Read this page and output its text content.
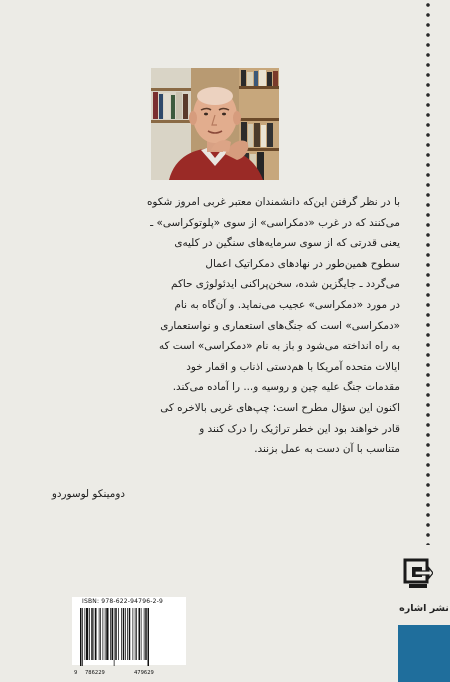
با در نظر گرفتن این‌که دانشمندان معتبر غربی امروز شکوه
می‌کنند که در غرب «دمکراسی» از سوی «پلوتوکراسی» ـ
یعنی قدرتی که از سوی سرمایه‌های سنگین در کلیه‌ی
سطوح همین‌طور در نهادهای دمکراتیک اعمال
می‌گردد ـ جایگزین شده، سخن‌پراکنی ایدئولوژی حاکم
در مورد «دمکراسی» عجیب می‌نماید. و آن‌گاه به نام
«دمکراسی» است که جنگ‌های استعماری و نواستعماری
به راه انداخته می‌شود و باز به نام «دمکراسی» است که
ایالات متحده آمریکا با هم‌دستی اذناب و اقمار خود
مقدمات جنگ علیه چین و روسیه و... را آماده می‌کند.
اکنون این سؤال مطرح است: چپ‌های غربی بالاخره کی
قادر خواهند بود این خطر تراژیک را درک کنند و
متناسب با آن دست به عمل بزنند.

دومینکو لوسوردو
ISBN: 978-622-94796-2-9
9 786229	479629
نشر اشاره
